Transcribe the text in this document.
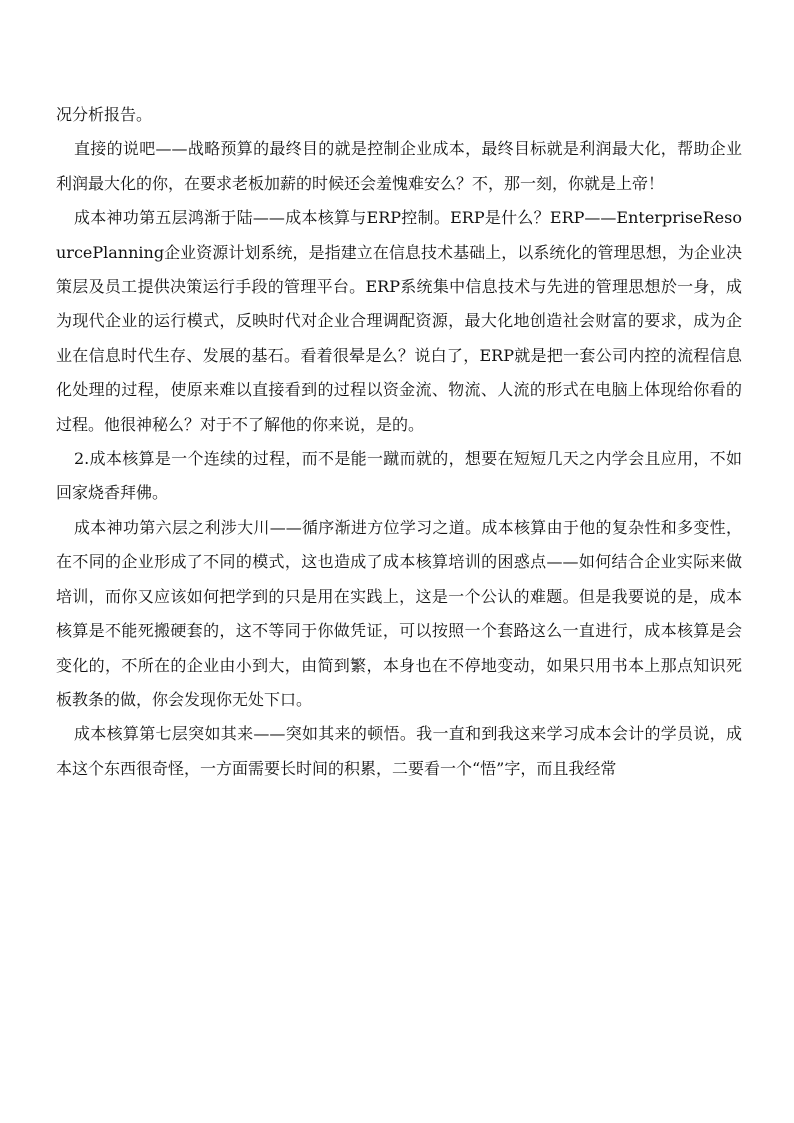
况分析报告。

直接的说吧——战略预算的最终目的就是控制企业成本，最终目标就是利润最大化，帮助企业利润最大化的你，在要求老板加薪的时候还会羞愧难安么？不，那一刻，你就是上帝！

成本神功第五层鸿渐于陆——成本核算与ERP控制。ERP是什么？ERP——EnterpriseResourcePlanning企业资源计划系统，是指建立在信息技术基础上，以系统化的管理思想，为企业决策层及员工提供决策运行手段的管理平台。ERP系统集中信息技术与先进的管理思想於一身，成为现代企业的运行模式，反映时代对企业合理调配资源，最大化地创造社会财富的要求，成为企业在信息时代生存、发展的基石。看着很晕是么？说白了，ERP就是把一套公司内控的流程信息化处理的过程，使原来难以直接看到的过程以资金流、物流、人流的形式在电脑上体现给你看的过程。他很神秘么？对于不了解他的你来说，是的。

2.成本核算是一个连续的过程，而不是能一蹴而就的，想要在短短几天之内学会且应用，不如回家烧香拜佛。

成本神功第六层之利涉大川——循序渐进方位学习之道。成本核算由于他的复杂性和多变性，在不同的企业形成了不同的模式，这也造成了成本核算培训的困惑点——如何结合企业实际来做培训，而你又应该如何把学到的只是用在实践上，这是一个公认的难题。但是我要说的是，成本核算是不能死搬硬套的，这不等同于你做凭证，可以按照一个套路这么一直进行，成本核算是会变化的，不所在的企业由小到大，由简到繁，本身也在不停地变动，如果只用书本上那点知识死板教条的做，你会发现你无处下口。

成本核算第七层突如其来——突如其来的顿悟。我一直和到我这来学习成本会计的学员说，成本这个东西很奇怪，一方面需要长时间的积累，二要看一个“悟”字，而且我经常
